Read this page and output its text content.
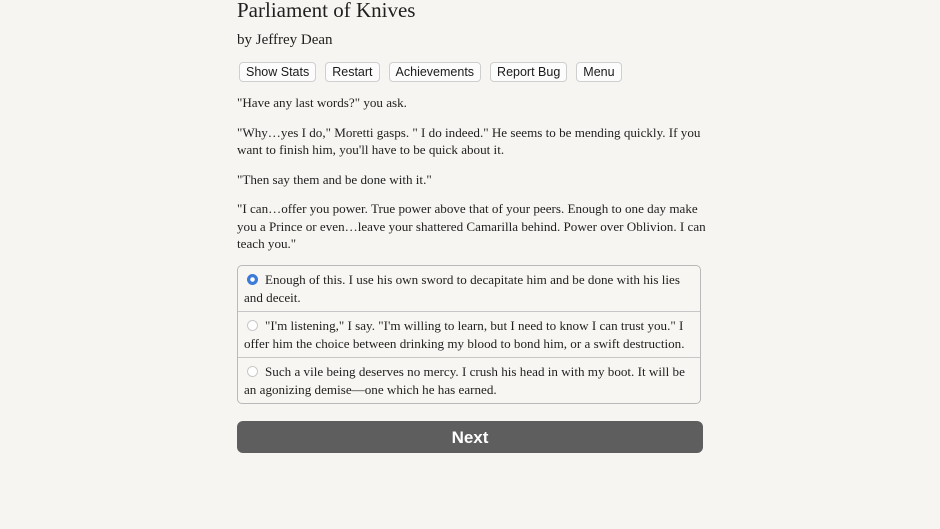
Parliament of Knives
by Jeffrey Dean
Show Stats	Restart	Achievements	Report Bug	Menu

"Have any last words?" you ask.

"Why…yes I do," Moretti gasps. " I do indeed." He seems to be mending quickly. If you want to finish him, you'll have to be quick about it.

"Then say them and be done with it."

"I can…offer you power. True power above that of your peers. Enough to one day make you a Prince or even…leave your shattered Camarilla behind. Power over Oblivion. I can teach you."

Enough of this. I use his own sword to decapitate him and be done with his lies and deceit.
"I'm listening," I say. "I'm willing to learn, but I need to know I can trust you." I offer him the choice between drinking my blood to bond him, or a swift destruction.
Such a vile being deserves no mercy. I crush his head in with my boot. It will be an agonizing demise—one which he has earned.
Next
